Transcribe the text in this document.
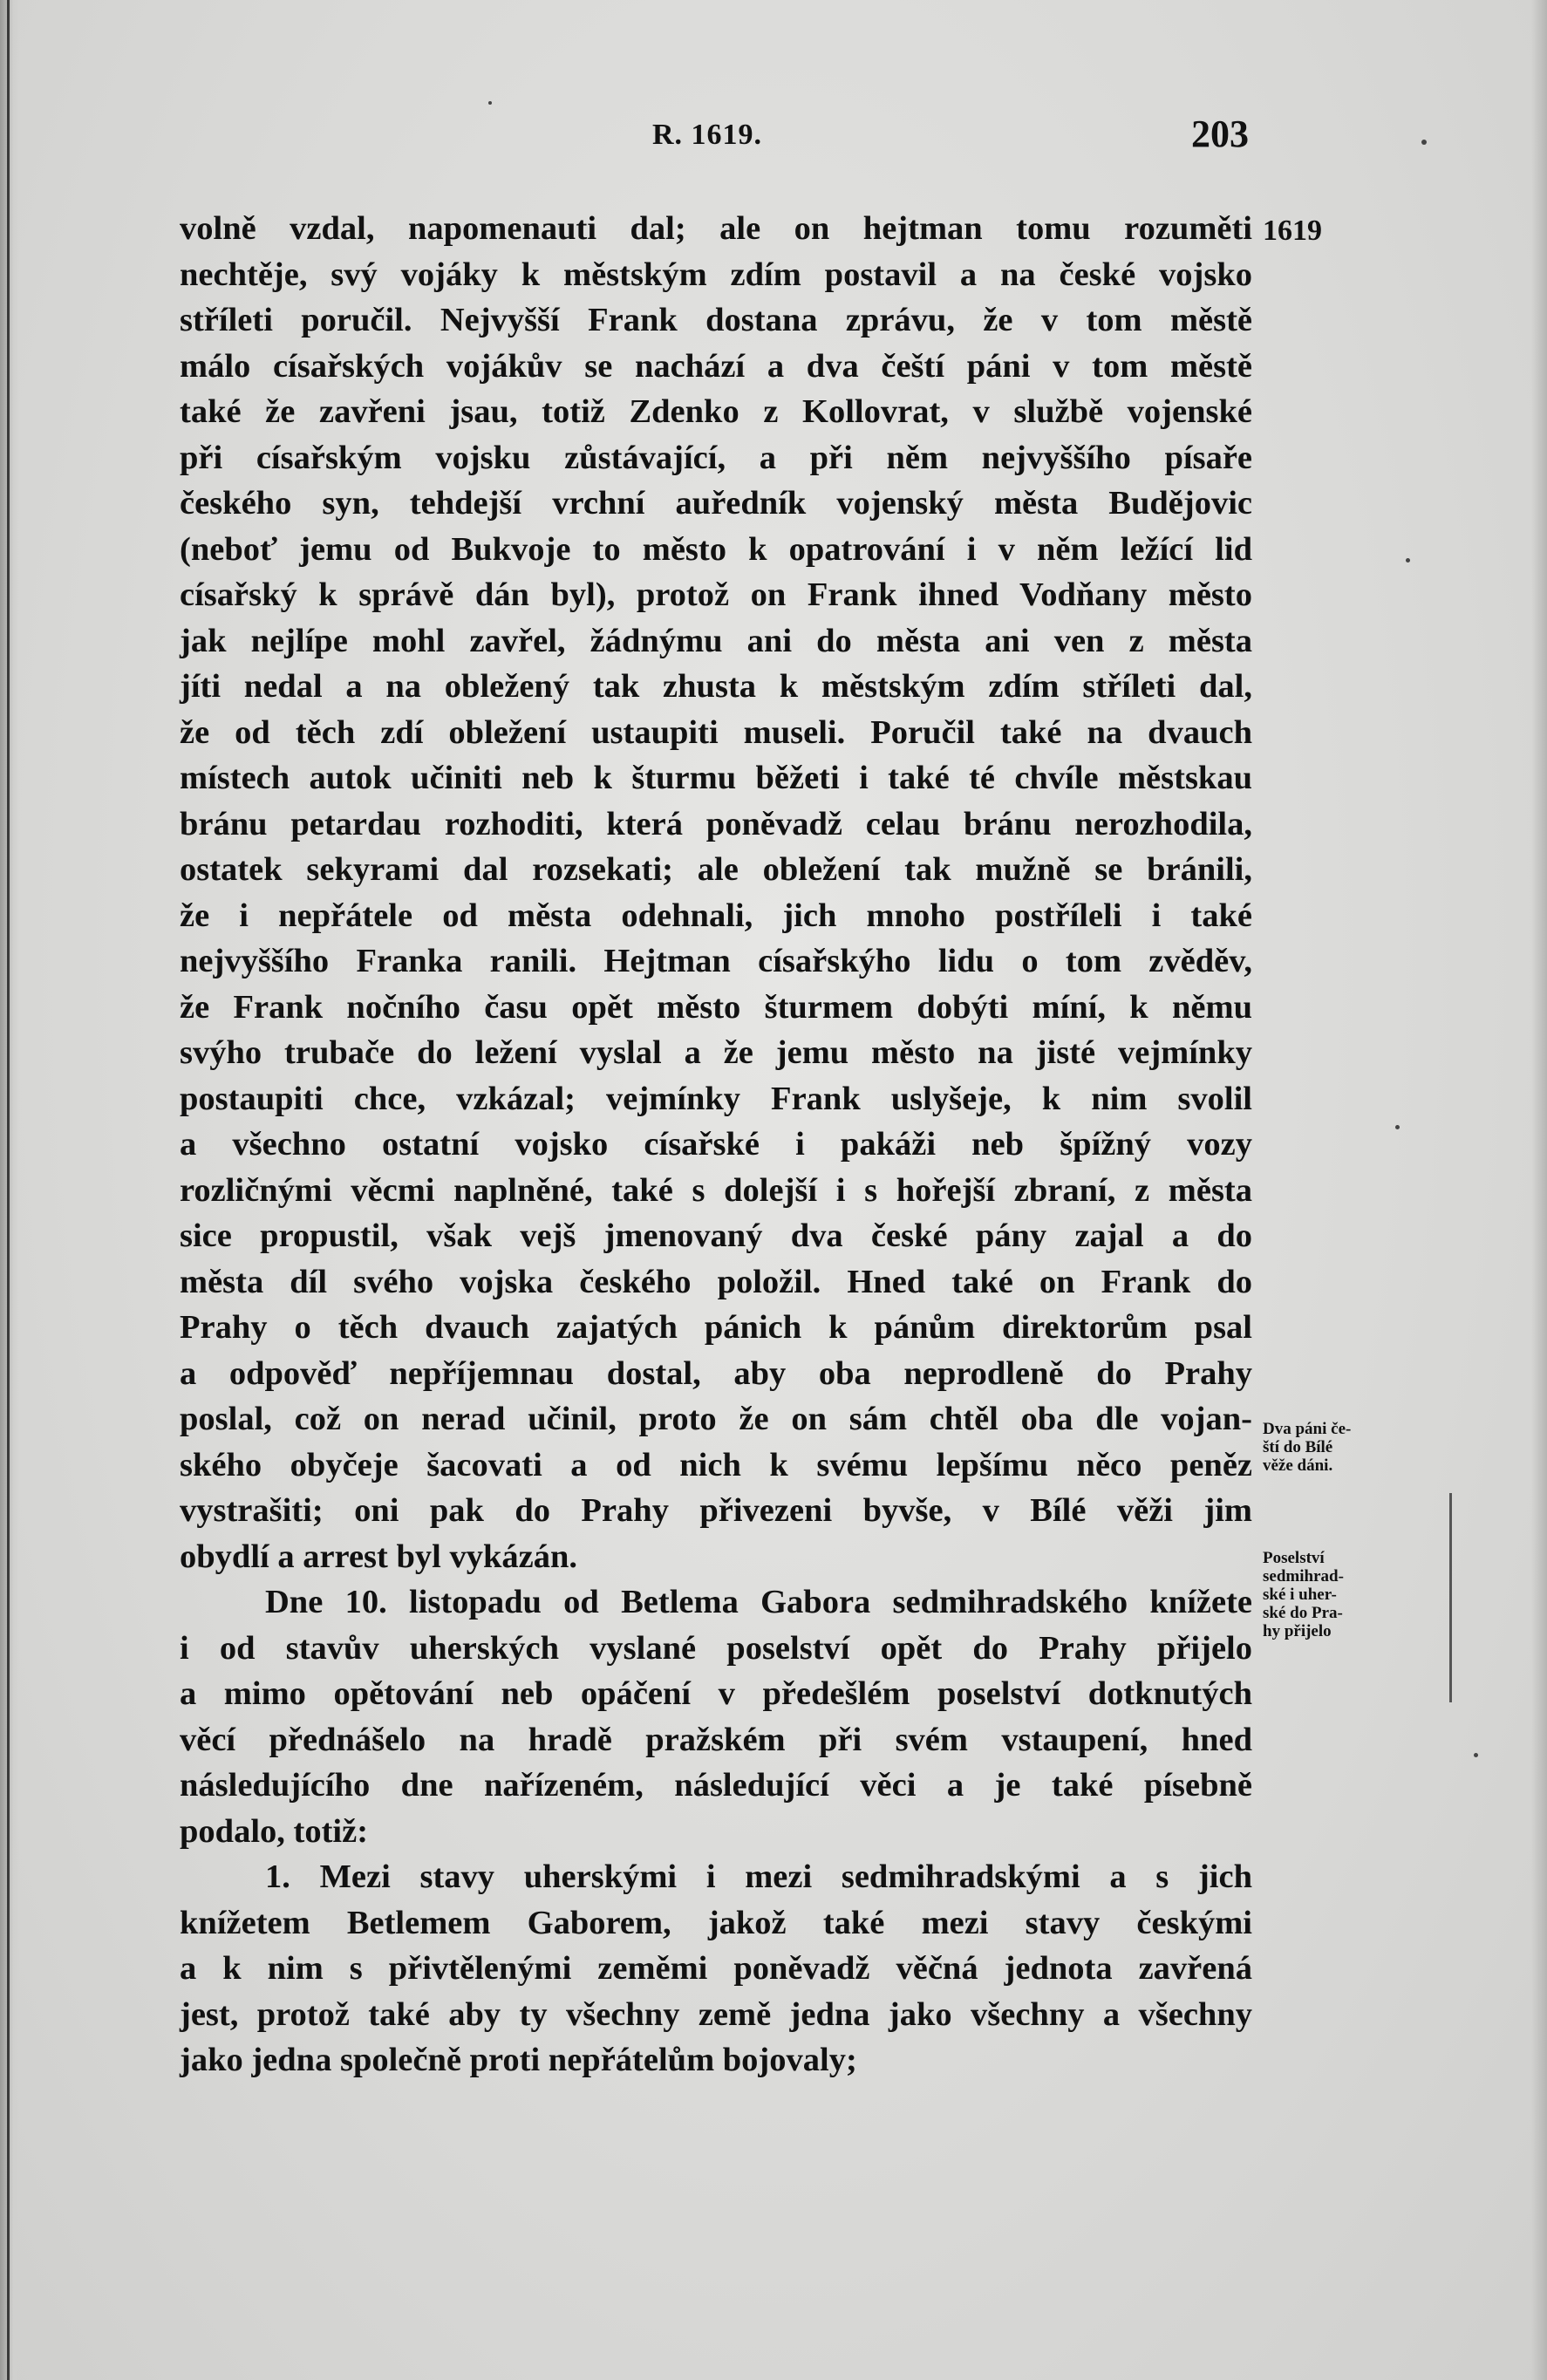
R. 1619.	203
1619
volně vzdal, napomenauti dal; ale on hejtman tomu rozuměti
nechtěje, svý vojáky k městským zdím postavil a na české vojsko
stříleti poručil. Nejvyšší Frank dostana zprávu, že v tom městě
málo císařských vojákův se nachází a dva čeští páni v tom městě
také že zavřeni jsau, totiž Zdenko z Kollovrat, v službě vojenské
při císařským vojsku zůstávající, a při něm nejvyššího písaře
českého syn, tehdejší vrchní auředník vojenský města Budějovic
(neboť jemu od Bukvoje to město k opatrování i v něm ležící lid
císařský k správě dán byl), protož on Frank ihned Vodňany město
jak nejlípe mohl zavřel, žádnýmu ani do města ani ven z města
jíti nedal a na obležený tak zhusta k městským zdím stříleti dal,
že od těch zdí obležení ustaupiti museli. Poručil také na dvauch
místech autok učiniti neb k šturmu běžeti i také té chvíle městskau
bránu petardau rozhoditi, která poněvadž celau bránu nerozhodila,
ostatek sekyrami dal rozsekati; ale obležení tak mužně se bránili,
že i nepřátele od města odehnali, jich mnoho postříleli i také
nejvyššího Franka ranili. Hejtman císařskýho lidu o tom zvěděv,
že Frank nočního času opět město šturmem dobýti míní, k němu
svýho trubače do ležení vyslal a že jemu město na jisté vejmínky
postaupiti chce, vzkázal; vejmínky Frank uslyšeje, k nim svolil
a všechno ostatní vojsko císařské i pakáži neb špížný vozy
rozličnými věcmi naplněné, také s dolejší i s hořejší zbraní, z města
sice propustil, však vejš jmenovaný dva české pány zajal a do
města díl svého vojska českého položil. Hned také on Frank do
Prahy o těch dvauch zajatých pánich k pánům direktorům psal
a odpověď nepříjemnau dostal, aby oba neprodleně do Prahy
poslal, což on nerad učinil, proto že on sám chtěl oba dle vojan-
ského obyčeje šacovati a od nich k svému lepšímu něco peněz
vystrašiti; oni pak do Prahy přivezeni byvše, v Bílé věži jim
obydlí a arrest byl vykázán.
Dne 10. listopadu od Betlema Gabora sedmihradského knížete
i od stavův uherských vyslané poselství opět do Prahy přijelo
a mimo opětování neb opáčení v předešlém poselství dotknutých
věcí přednášelo na hradě pražském při svém vstaupení, hned
následujícího dne nařízeném, následující věci a je také písebně
podalo, totiž:
1. Mezi stavy uherskými i mezi sedmihradskými a s jich
knížetem Betlemem Gaborem, jakož také mezi stavy českými
a k nim s přivtělenými zeměmi poněvadž věčná jednota zavřená
jest, protož také aby ty všechny země jedna jako všechny a všechny
jako jedna společně proti nepřátelům bojovaly;
Dva páni če-
ští do Bílé
věže dáni.
Poselství
sedmihrad-
ské i uher-
ské do Pra-
hy přijelo
